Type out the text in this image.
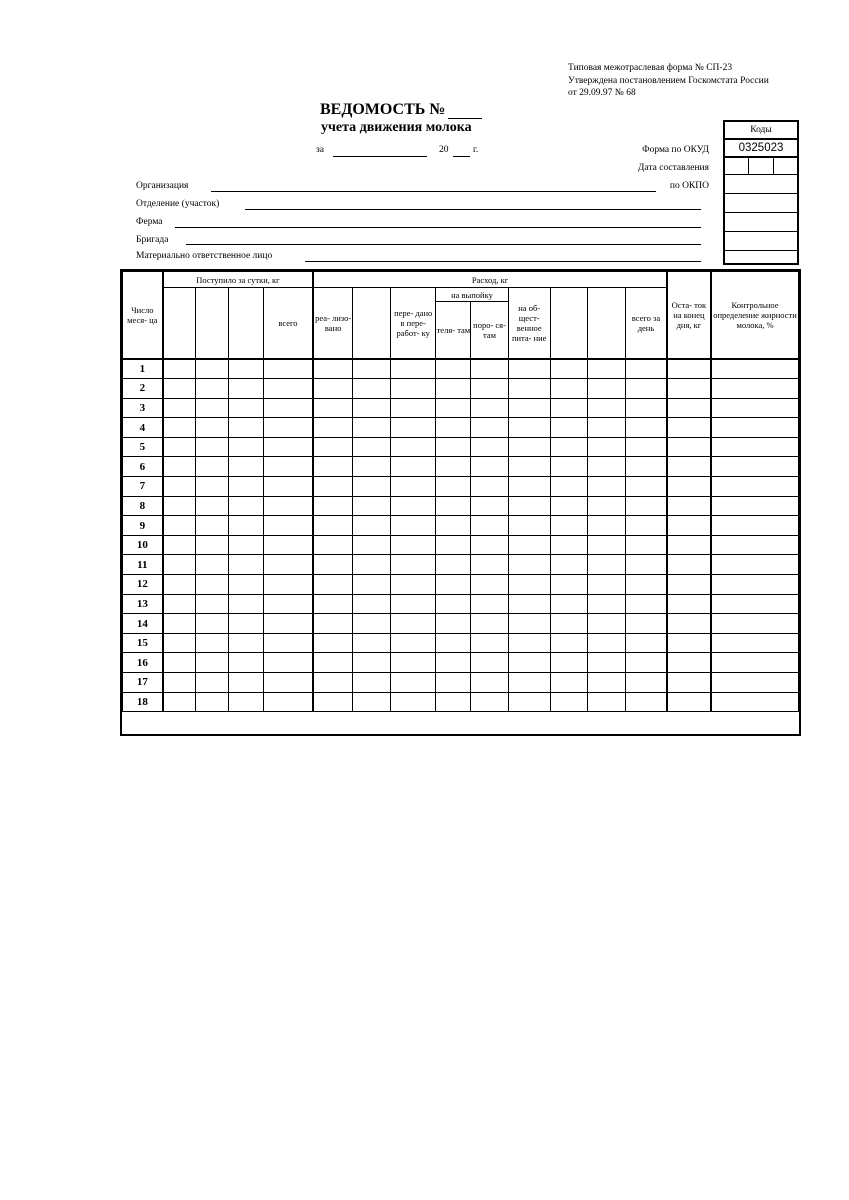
Типовая межотраслевая форма № СП-23
Утверждена постановлением Госкомстата России
от 29.09.97 № 68
ВЕДОМОСТЬ №
учета движения молока
за	20	г.	Форма по ОКУД
Дата составления
по ОКПО
Коды
0325023
Организация
Отделение (участок)
Ферма
Бригада
Материально ответственное лицо
Число меся- ца	Поступило за сутки, кг				Расход, кг									Оста- ток на конец дня, кг	Контрольное определение жирности молока, %
				всего	реа- лизо- вано		пере- дано в пере- работ- ку	на выпойку		на об- щест- венное пита- ние			всего за день		
								теля- там	поро- ся- там						
1															
2															
3															
4															
5															
6															
7															
8															
9															
10															
11															
12															
13															
14															
15															
16															
17															
18															
